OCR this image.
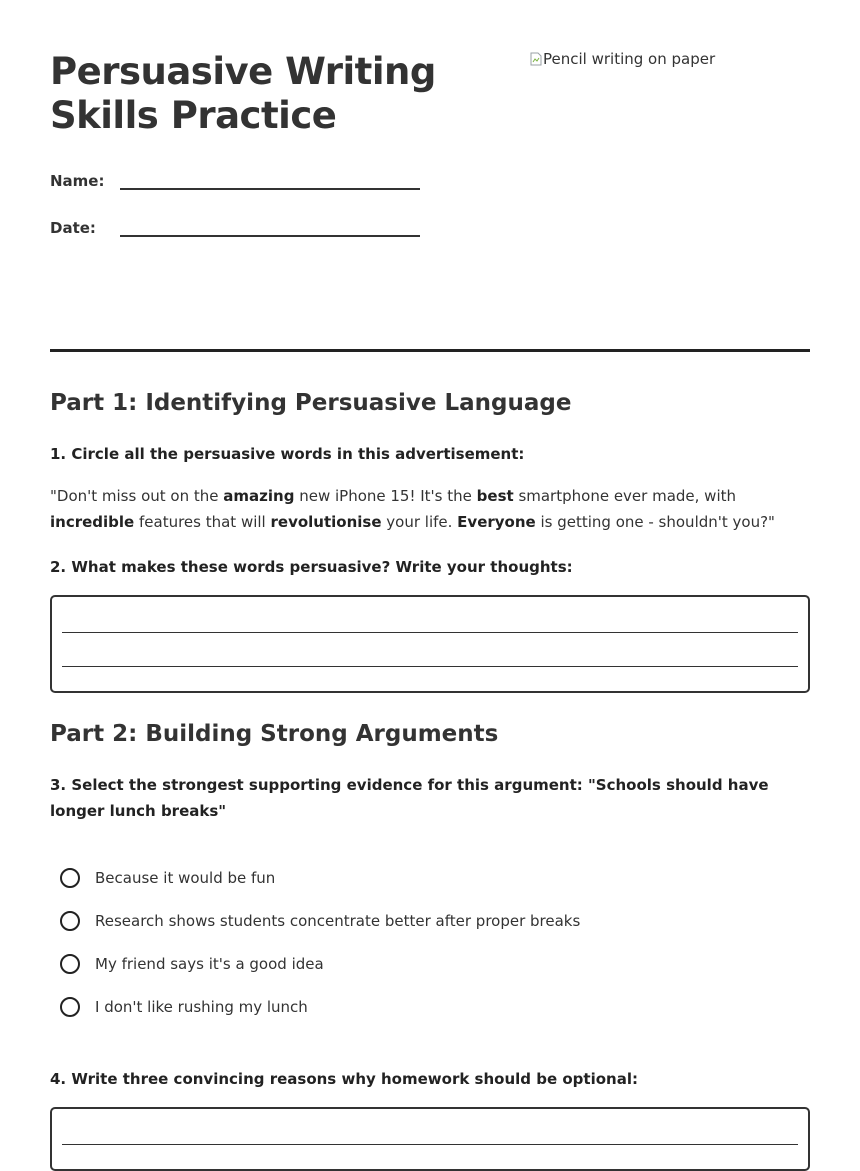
Persuasive Writing Skills Practice
Pencil writing on paper
Name:
Date:
Part 1: Identifying Persuasive Language

1. Circle all the persuasive words in this advertisement:

"Don't miss out on the amazing new iPhone 15! It's the best smartphone ever made, with incredible features that will revolutionise your life. Everyone is getting one - shouldn't you?"

2. What makes these words persuasive? Write your thoughts:

Part 2: Building Strong Arguments

3. Select the strongest supporting evidence for this argument: "Schools should have longer lunch breaks"

Because it would be fun
Research shows students concentrate better after proper breaks
My friend says it's a good idea
I don't like rushing my lunch

4. Write three convincing reasons why homework should be optional:
